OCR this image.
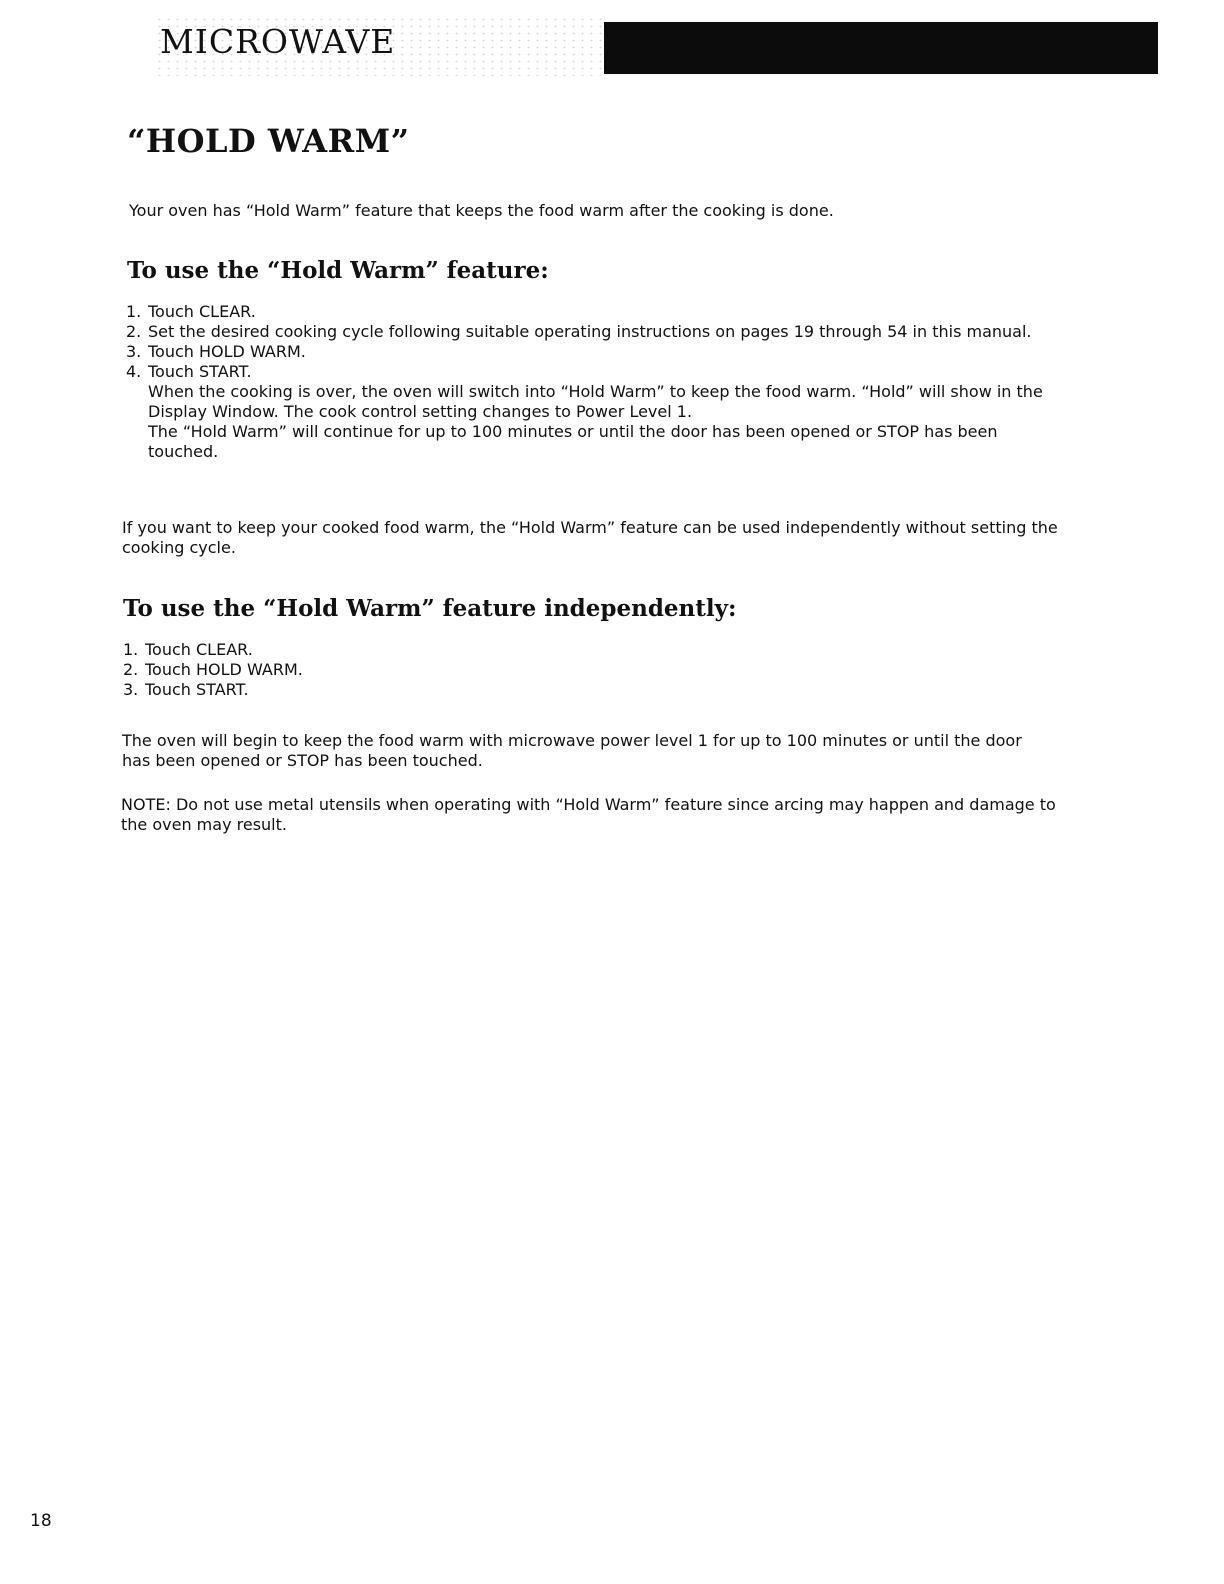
MICROWAVE
“HOLD WARM”
Your oven has “Hold Warm” feature that keeps the food warm after the cooking is done.
To use the “Hold Warm” feature:
1. Touch CLEAR.
2. Set the desired cooking cycle following suitable operating instructions on pages 19 through 54 in this manual.
3. Touch HOLD WARM.
4. Touch START.
When the cooking is over, the oven will switch into “Hold Warm” to keep the food warm. “Hold” will show in the Display Window. The cook control setting changes to Power Level 1.
The “Hold Warm” will continue for up to 100 minutes or until the door has been opened or STOP has been touched.
If you want to keep your cooked food warm, the “Hold Warm” feature can be used independently without setting the cooking cycle.
To use the “Hold Warm” feature independently:
1. Touch CLEAR.
2. Touch HOLD WARM.
3. Touch START.
The oven will begin to keep the food warm with microwave power level 1 for up to 100 minutes or until the door has been opened or STOP has been touched.
NOTE: Do not use metal utensils when operating with “Hold Warm” feature since arcing may happen and damage to the oven may result.
18
